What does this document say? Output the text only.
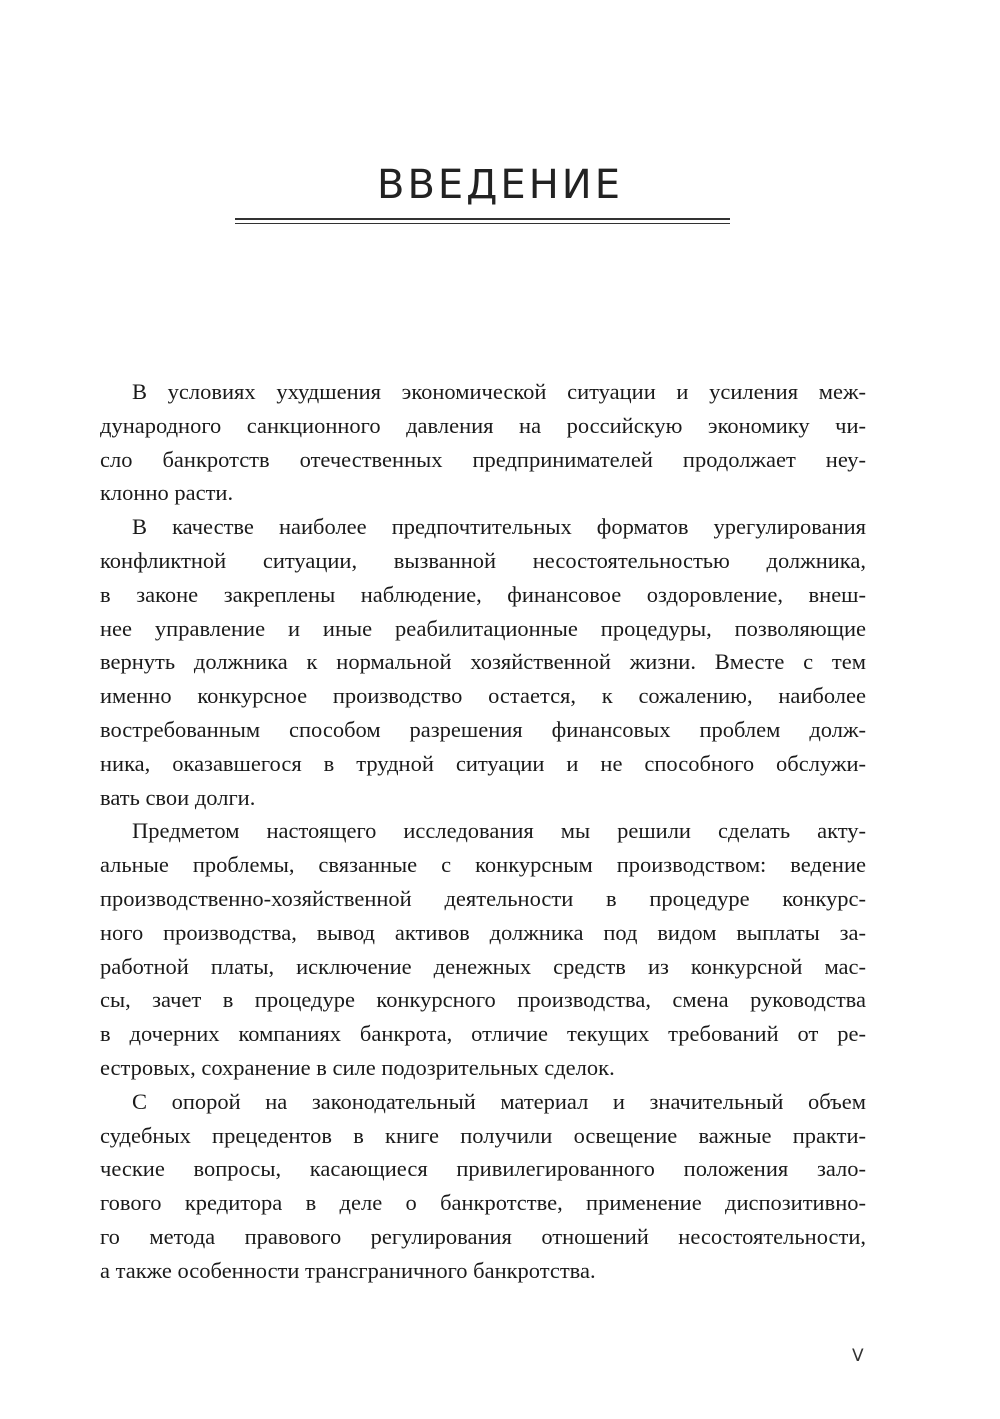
ВВЕДЕНИЕ

В условиях ухудшения экономической ситуации и усиления меж-
дународного санкционного давления на российскую экономику чи-
сло банкротств отечественных предпринимателей продолжает неу-
клонно расти.

В качестве наиболее предпочтительных форматов урегулирования
конфликтной ситуации, вызванной несостоятельностью должника,
в законе закреплены наблюдение, финансовое оздоровление, внеш-
нее управление и иные реабилитационные процедуры, позволяющие
вернуть должника к нормальной хозяйственной жизни. Вместе с тем
именно конкурсное производство остается, к сожалению, наиболее
востребованным способом разрешения финансовых проблем долж-
ника, оказавшегося в трудной ситуации и не способного обслужи-
вать свои долги.

Предметом настоящего исследования мы решили сделать акту-
альные проблемы, связанные с конкурсным производством: ведение
производственно-хозяйственной деятельности в процедуре конкурс-
ного производства, вывод активов должника под видом выплаты за-
работной платы, исключение денежных средств из конкурсной мас-
сы, зачет в процедуре конкурсного производства, смена руководства
в дочерних компаниях банкрота, отличие текущих требований от ре-
естровых, сохранение в силе подозрительных сделок.

С опорой на законодательный материал и значительный объем
судебных прецедентов в книге получили освещение важные практи-
ческие вопросы, касающиеся привилегированного положения зало-
гового кредитора в деле о банкротстве, применение диспозитивно-
го метода правового регулирования отношений несостоятельности,
а также особенности трансграничного банкротства.

V
